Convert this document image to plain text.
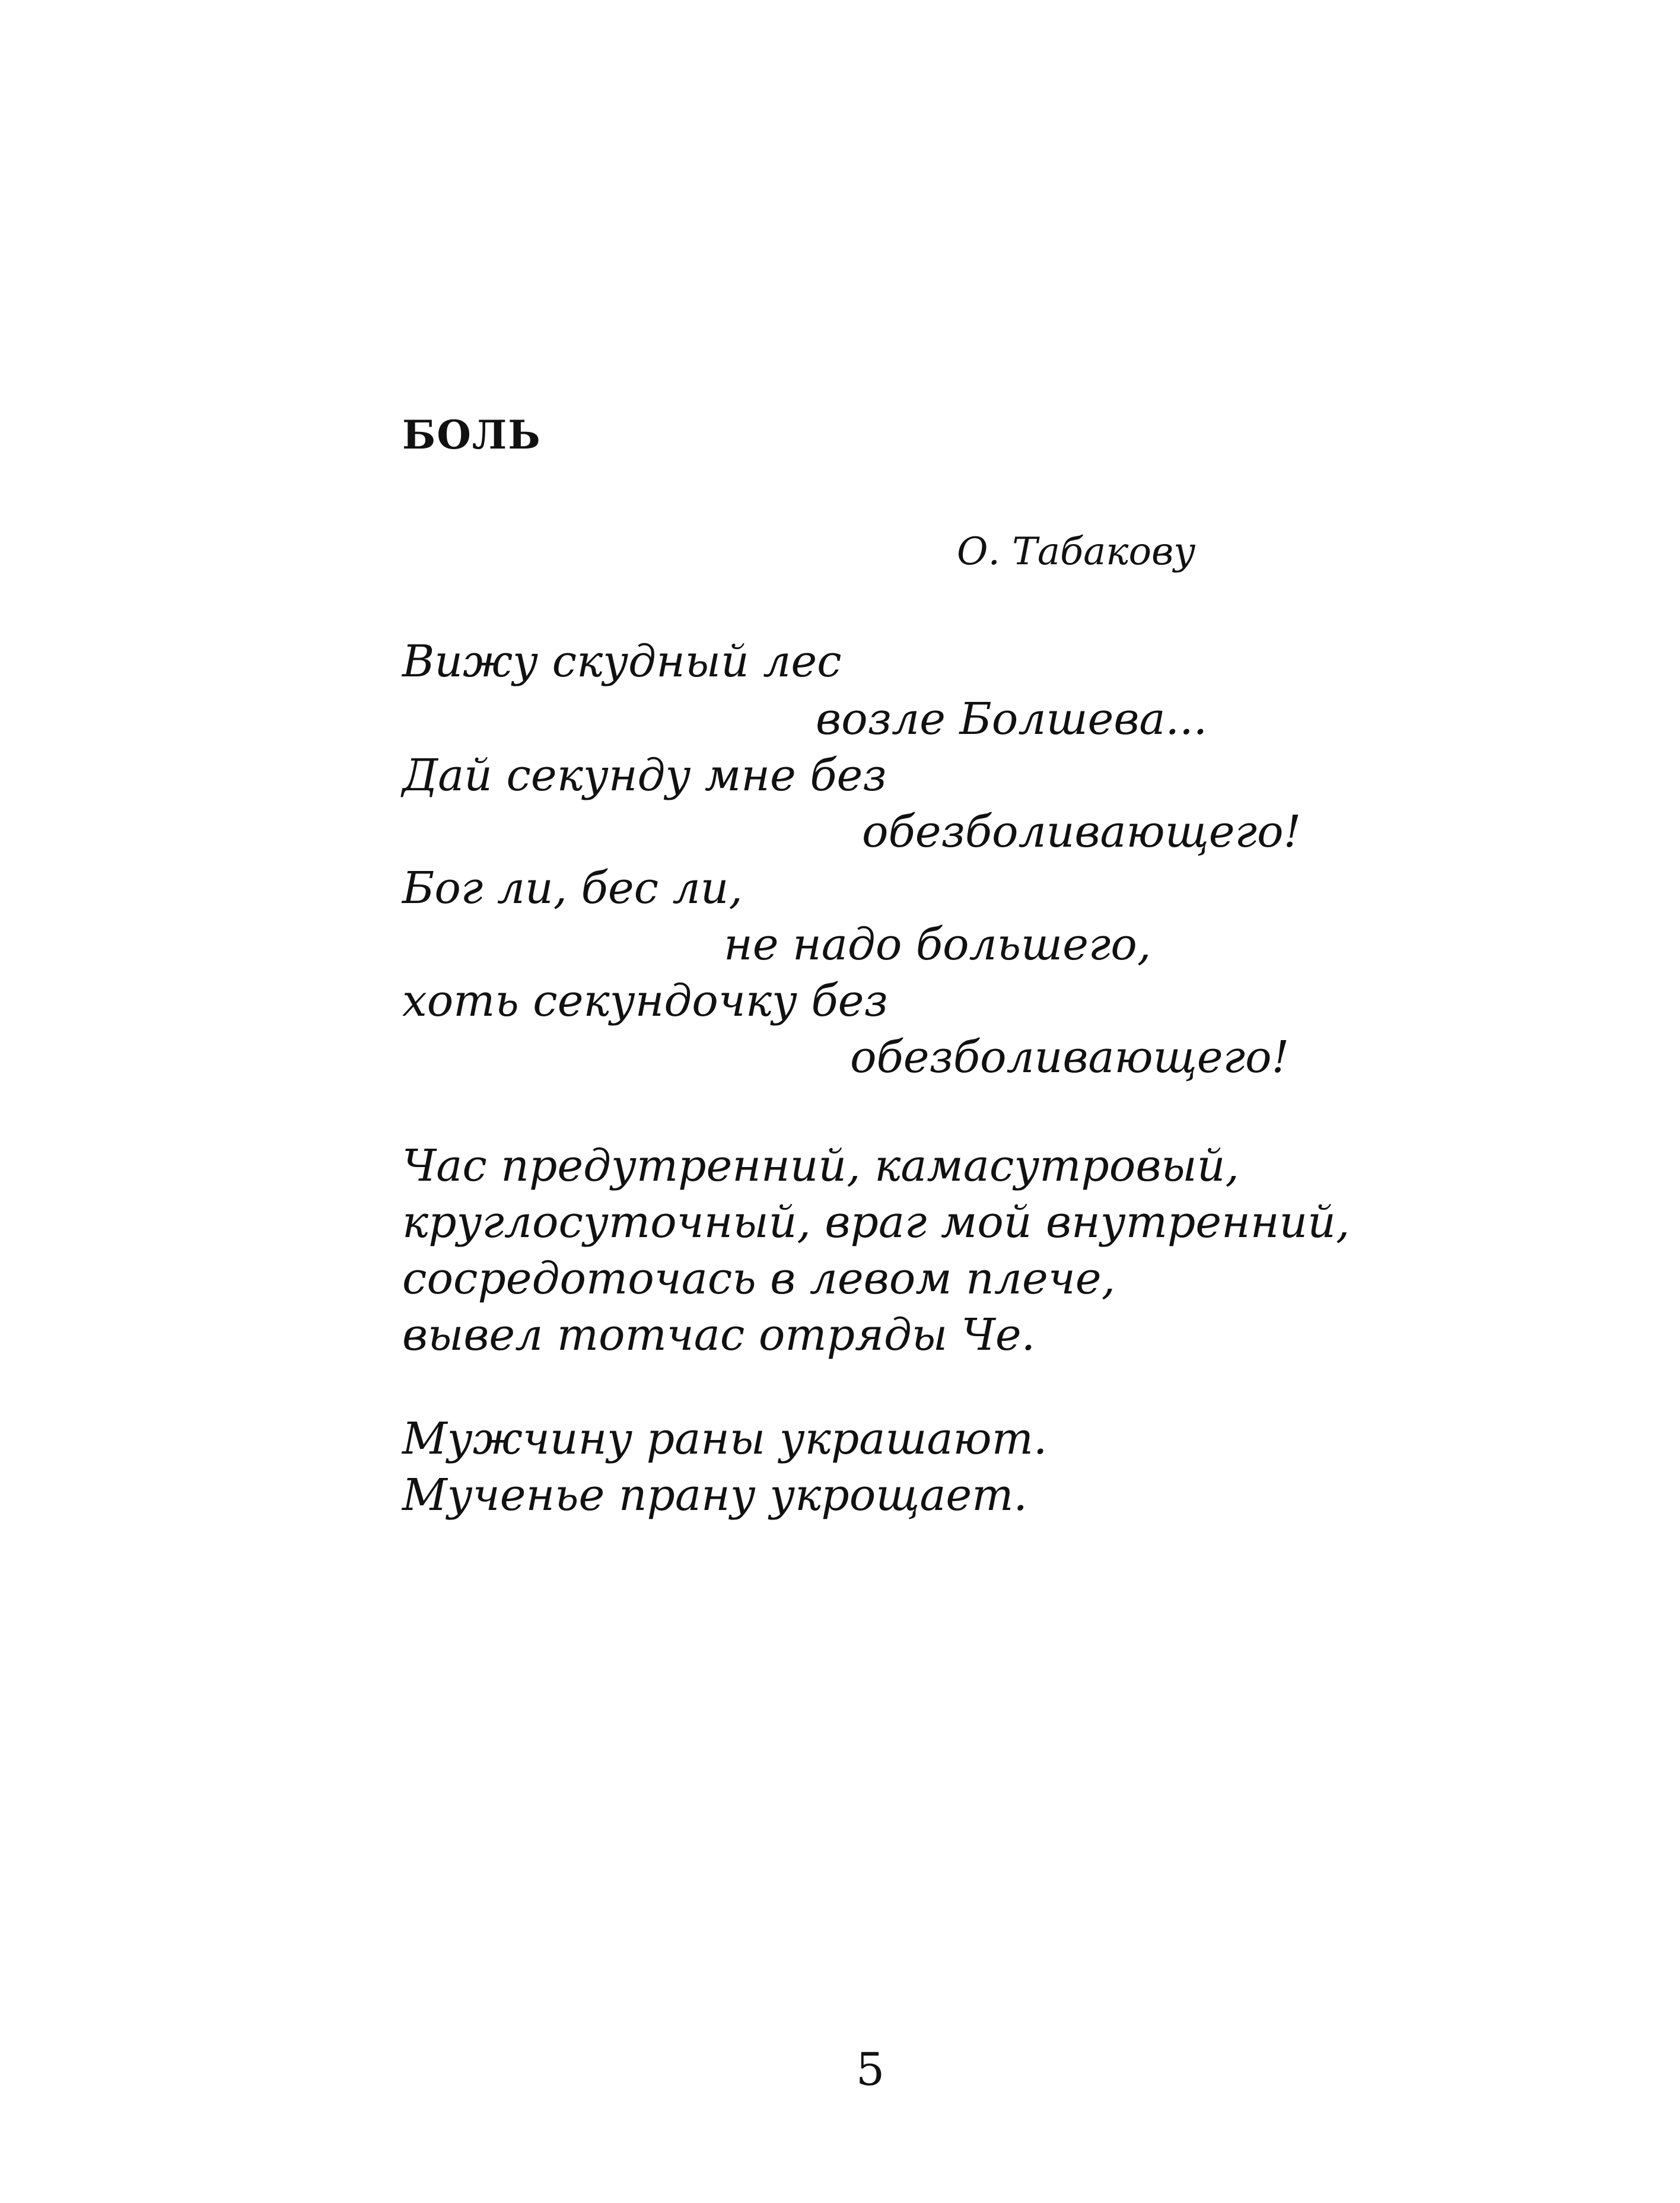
БОЛЬ

О. Табакову

Вижу скудный лес

возле Болшева...

Дай секунду мне без

обезболивающего!

Бог ли, бес ли,

не надо большего,

хоть секундочку без

обезболивающего!

Час предутренний, камасутровый,

круглосуточный, враг мой внутренний,

сосредоточась в левом плече,

вывел тотчас отряды Че.

Мужчину раны украшают.

Мученье прану укрощает.

5
